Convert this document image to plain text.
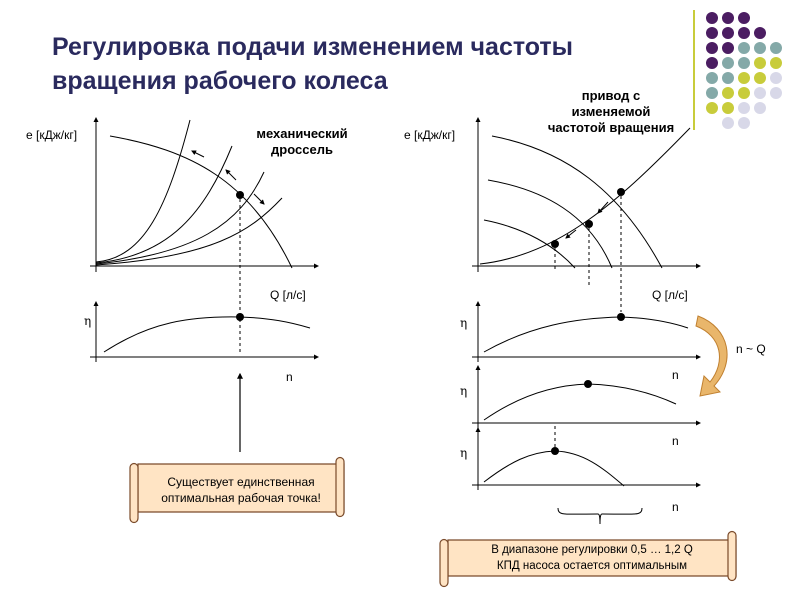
Регулировка подачи изменением частоты
вращения рабочего колеса
е [кДж/кг]	механический
дроссель
Q [л/с]
η
n
Существует единственная
оптимальная рабочая точка!
е [кДж/кг]
привод с
изменяемой
частотой вращения
Q [л/с]
η
η
η
n
n
n
n ~ Q
В диапазоне регулировки 0,5 … 1,2 Q
КПД насоса остается оптимальным
